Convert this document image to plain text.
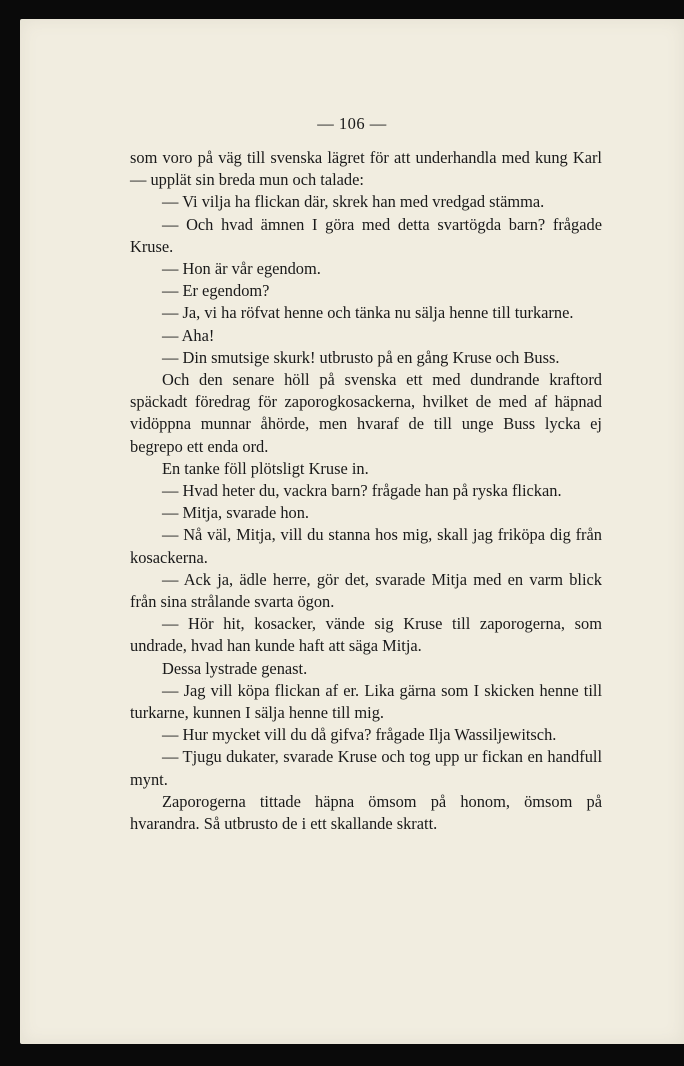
— 106 —

som voro på väg till svenska lägret för att underhandla med kung Karl — upplät sin breda mun och talade:

— Vi vilja ha flickan där, skrek han med vredgad stämma.

— Och hvad ämnen I göra med detta svartögda barn? frågade Kruse.

— Hon är vår egendom.

— Er egendom?

— Ja, vi ha röfvat henne och tänka nu sälja henne till turkarne.

— Aha!

— Din smutsige skurk! utbrusto på en gång Kruse och Buss.

Och den senare höll på svenska ett med dundrande kraftord späckadt föredrag för zaporogkosackerna, hvilket de med af häpnad vidöppna munnar åhörde, men hvaraf de till unge Buss lycka ej begrepo ett enda ord.

En tanke föll plötsligt Kruse in.

— Hvad heter du, vackra barn? frågade han på ryska flickan.

— Mitja, svarade hon.

— Nå väl, Mitja, vill du stanna hos mig, skall jag friköpa dig från kosackerna.

— Ack ja, ädle herre, gör det, svarade Mitja med en varm blick från sina strålande svarta ögon.

— Hör hit, kosacker, vände sig Kruse till zaporogerna, som undrade, hvad han kunde haft att säga Mitja.

Dessa lystrade genast.

— Jag vill köpa flickan af er. Lika gärna som I skicken henne till turkarne, kunnen I sälja henne till mig.

— Hur mycket vill du då gifva? frågade Ilja Wassiljewitsch.

— Tjugu dukater, svarade Kruse och tog upp ur fickan en handfull mynt.

Zaporogerna tittade häpna ömsom på honom, ömsom på hvarandra. Så utbrusto de i ett skallande skratt.
